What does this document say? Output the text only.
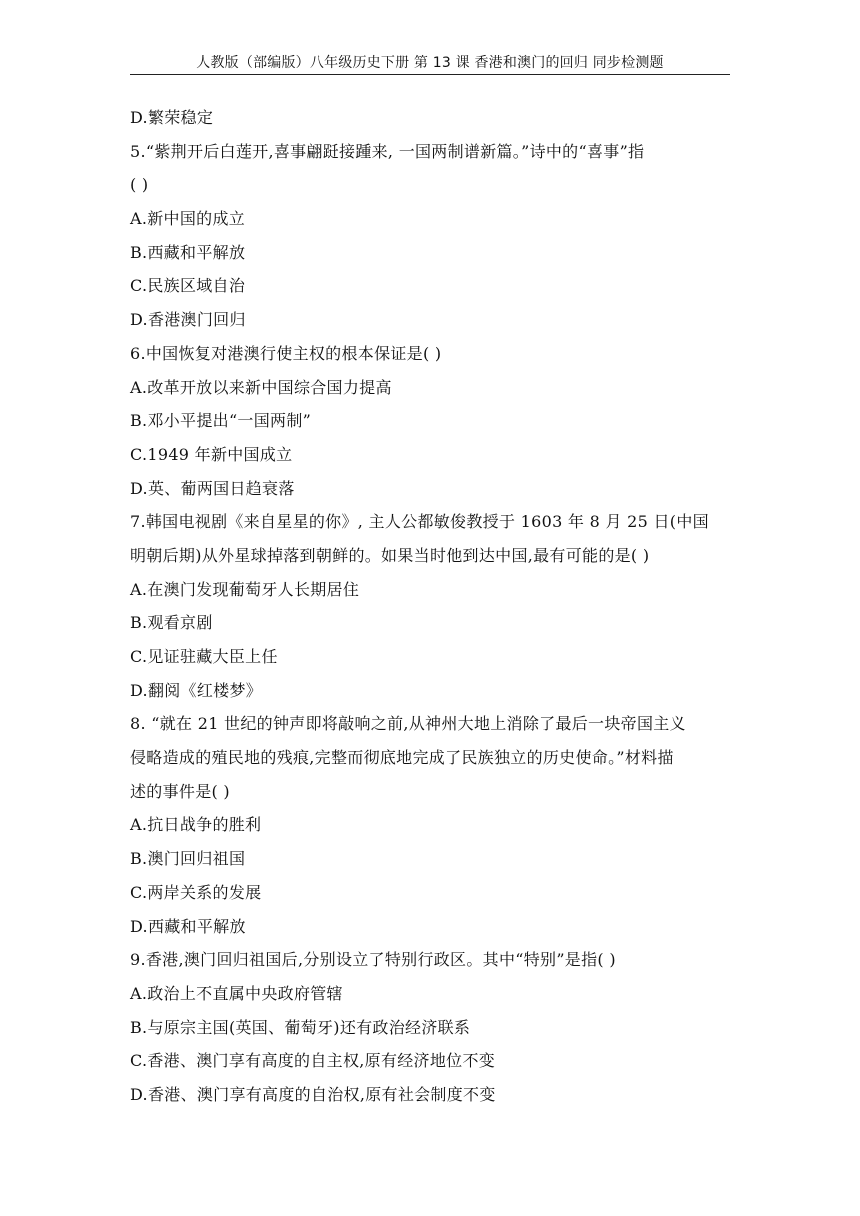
人教版（部编版）八年级历史下册 第 13 课 香港和澳门的回归 同步检测题
D.繁荣稳定
5.“紫荆开后白莲开,喜事翩跹接踵来, 一国两制谱新篇。”诗中的“喜事”指
( )
A.新中国的成立
B.西藏和平解放
C.民族区域自治
D.香港澳门回归
6.中国恢复对港澳行使主权的根本保证是( )
A.改革开放以来新中国综合国力提高
B.邓小平提出“一国两制”
C.1949 年新中国成立
D.英、葡两国日趋衰落
7.韩国电视剧《来自星星的你》, 主人公都敏俊教授于 1603 年 8 月 25 日(中国
明朝后期)从外星球掉落到朝鲜的。如果当时他到达中国,最有可能的是( )
A.在澳门发现葡萄牙人长期居住
B.观看京剧
C.见证驻藏大臣上任
D.翻阅《红楼梦》
8. “就在 21 世纪的钟声即将敲响之前,从神州大地上消除了最后一块帝国主义
侵略造成的殖民地的残痕,完整而彻底地完成了民族独立的历史使命。”材料描
述的事件是( )
A.抗日战争的胜利
B.澳门回归祖国
C.两岸关系的发展
D.西藏和平解放
9.香港,澳门回归祖国后,分别设立了特别行政区。其中“特别”是指( )
A.政治上不直属中央政府管辖
B.与原宗主国(英国、葡萄牙)还有政治经济联系
C.香港、澳门享有高度的自主权,原有经济地位不变
D.香港、澳门享有高度的自治权,原有社会制度不变
